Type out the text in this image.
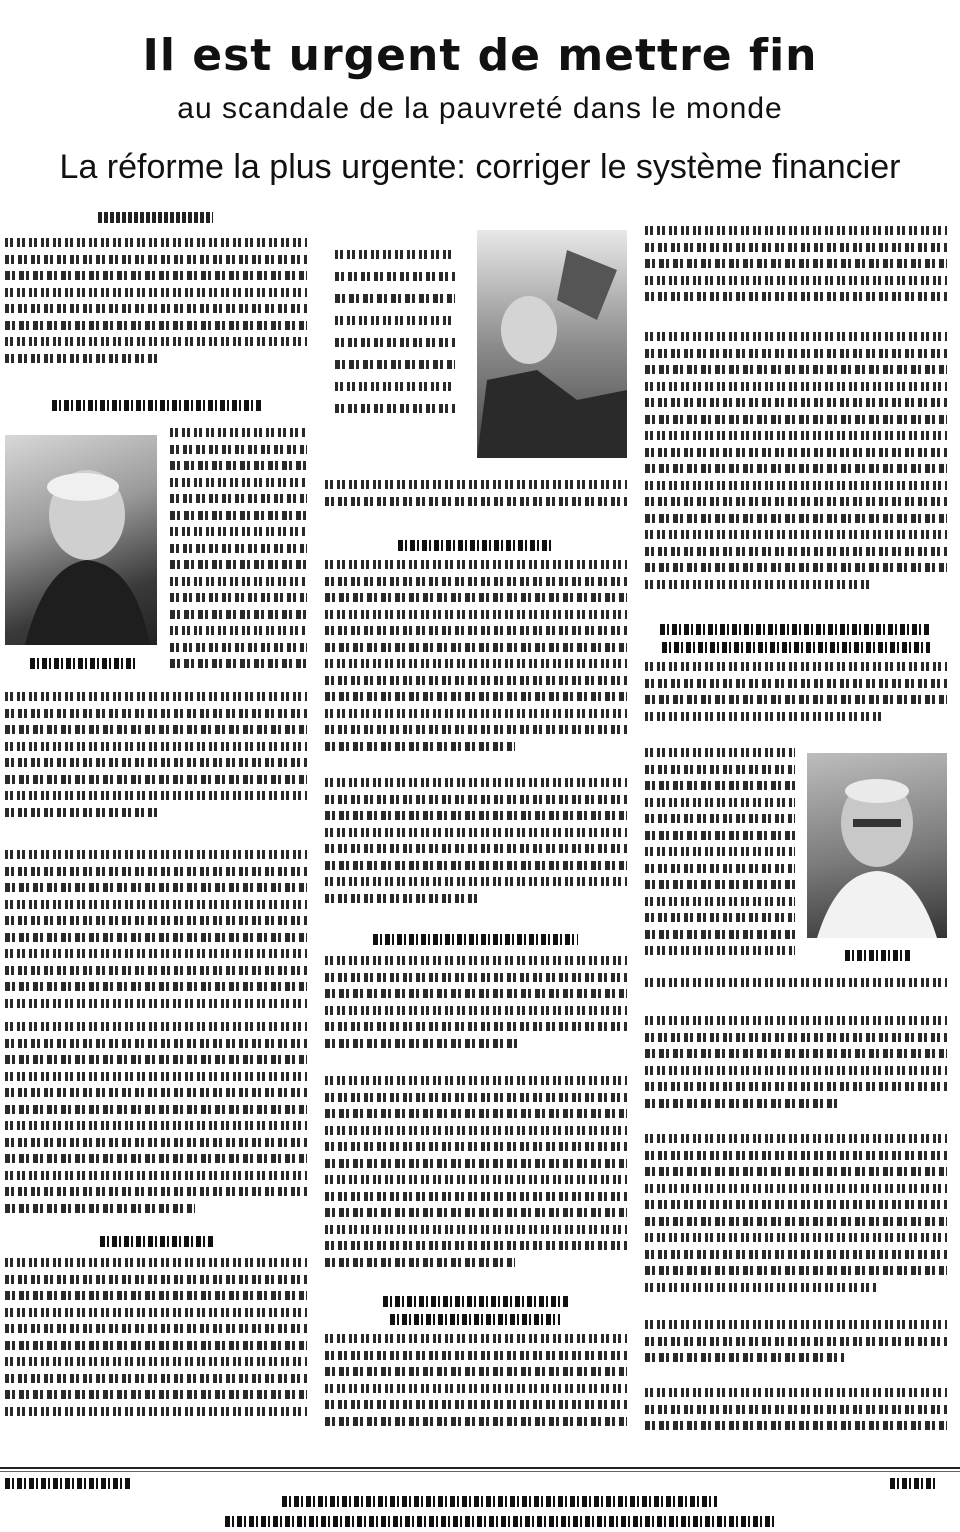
Il est urgent de mettre fin
au scandale de la pauvreté dans le monde
La réforme la plus urgente: corriger le système financier
